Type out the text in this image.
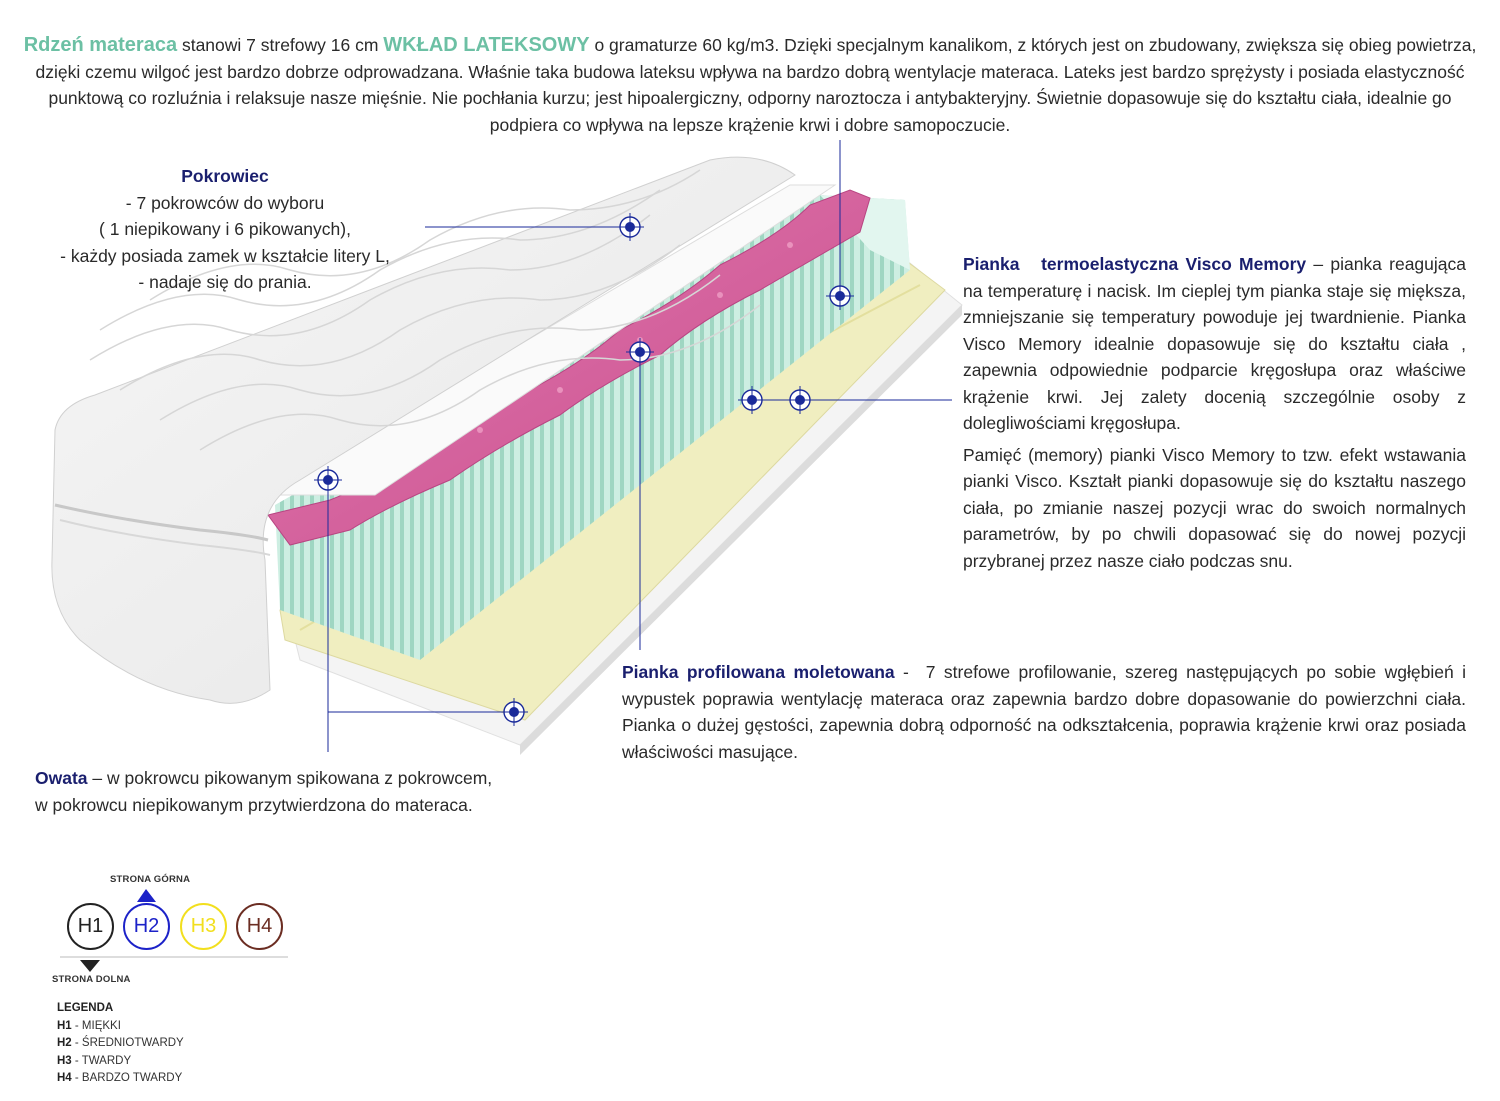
Rdzeń materaca stanowi 7 strefowy 16 cm WKŁAD LATEKSOWY o gramaturze 60 kg/m3. Dzięki specjalnym kanalikom, z których jest on zbudowany, zwiększa się obieg powietrza, dzięki czemu wilgoć jest bardzo dobrze odprowadzana. Właśnie taka budowa lateksu wpływa na bardzo dobrą wentylacje materaca. Lateks jest bardzo sprężysty i posiada elastyczność punktową co rozluźnia i relaksuje nasze mięśnie. Nie pochłania kurzu; jest hipoalergiczny, odporny naroztocza i antybakteryjny. Świetnie dopasowuje się do kształtu ciała, idealnie go podpiera co wpływa na lepsze krążenie krwi i dobre samopoczucie.

Pokrowiec
- 7 pokrowców do wyboru
( 1 niepikowany i 6 pikowanych),
- każdy posiada zamek w kształcie litery L,
- nadaje się do prania.

Pianka   termoelastyczna Visco Memory – pianka reagująca na temperaturę i nacisk. Im cieplej tym pianka staje się miększa, zmniejszanie się temperatury powoduje jej twardnienie. Pianka Visco Memory idealnie dopasowuje się do kształtu ciała , zapewnia odpowiednie podparcie kręgosłupa oraz właściwe krążenie krwi. Jej zalety docenią szczególnie osoby z dolegliwościami kręgosłupa.

Pamięć (memory) pianki Visco Memory to tzw. efekt wstawania pianki Visco. Kształt pianki dopasowuje się do kształtu naszego ciała, po zmianie naszej pozycji wrac do swoich normalnych parametrów, by po chwili dopasować się do nowej pozycji przybranej przez nasze ciało podczas snu.

Pianka profilowana moletowana -  7 strefowe profilowanie, szereg następujących po sobie wgłębień i wypustek poprawia wentylację materaca oraz zapewnia bardzo dobre dopasowanie do powierzchni ciała. Pianka o dużej gęstości, zapewnia dobrą odporność na odkształcenia, poprawia krążenie krwi oraz posiada właściwości masujące.
Owata – w pokrowcu pikowanym spikowana z pokrowcem,
w pokrowcu niepikowanym przytwierdzona do materaca.
STRONA GÓRNA
STRONA DOLNA
H1	H2	H3	H4
LEGENDA
H1 - MIĘKKI
H2 - ŚREDNIOTWARDY
H3 - TWARDY
H4 - BARDZO TWARDY
